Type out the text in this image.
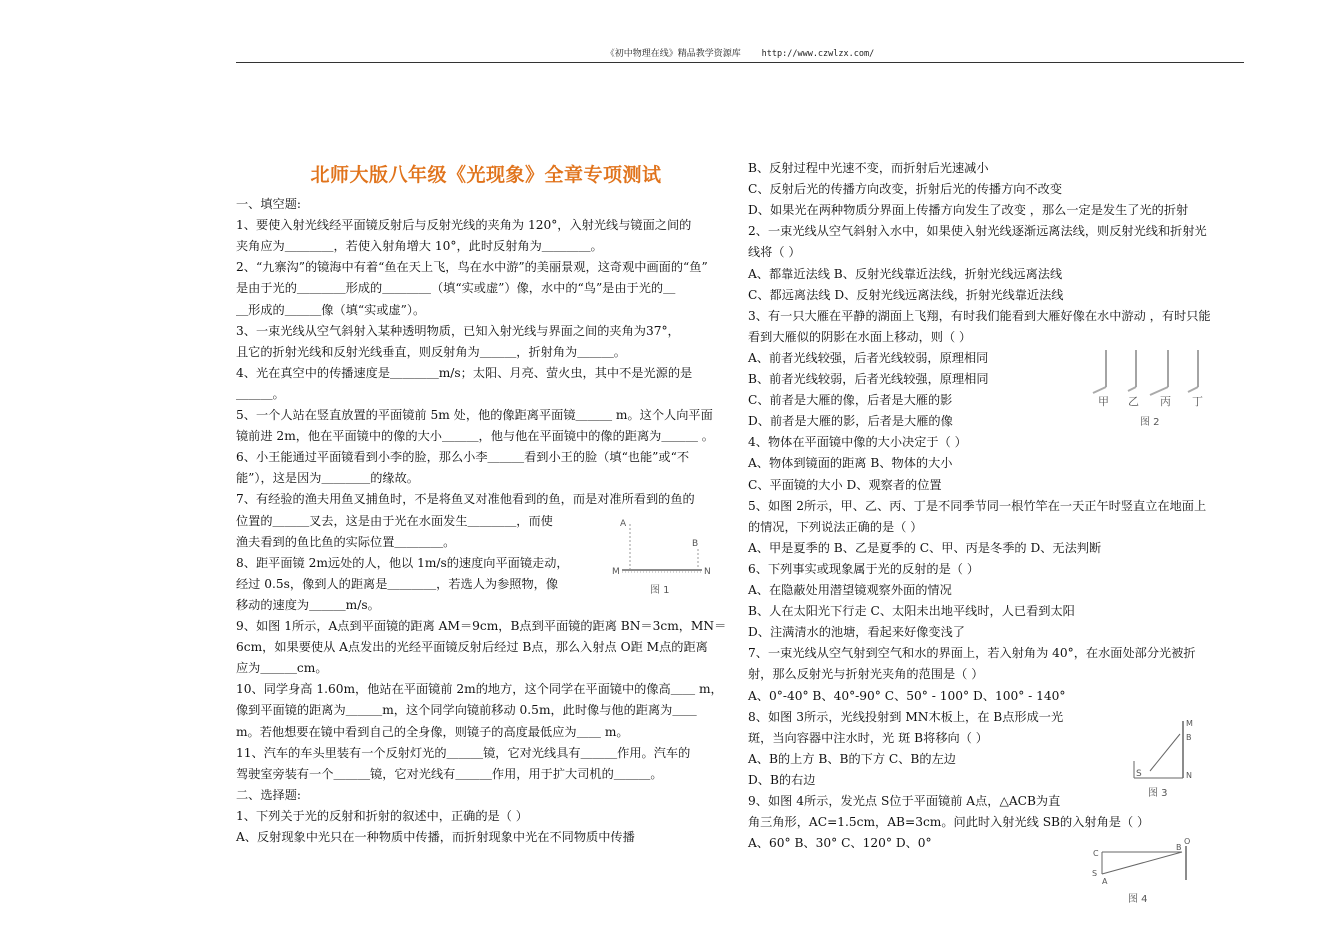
《初中物理在线》精品教学资源库 http://www.czwlzx.com/
北师大版八年级《光现象》全章专项测试
一、填空题:
1、要使入射光线经平面镜反射后与反射光线的夹角为 120°，入射光线与镜面之间的
夹角应为＿＿＿＿，若使入射角增大 10°，此时反射角为＿＿＿＿。
2、“九寨沟”的镜海中有着“鱼在天上飞，鸟在水中游”的美丽景观，这奇观中画面的“鱼”
是由于光的＿＿＿＿形成的＿＿＿＿（填“实或虚”）像，水中的“鸟”是由于光的＿
＿形成的＿＿＿像（填“实或虚”）。
3、一束光线从空气斜射入某种透明物质，已知入射光线与界面之间的夹角为37°，
且它的折射光线和反射光线垂直，则反射角为＿＿＿，折射角为＿＿＿。
4、光在真空中的传播速度是＿＿＿＿m/s；太阳、月亮、萤火虫，其中不是光源的是
＿＿＿。
5、一个人站在竖直放置的平面镜前 5m 处，他的像距离平面镜＿＿＿ m。这个人向平面
镜前进 2m，他在平面镜中的像的大小＿＿＿，他与他在平面镜中的像的距离为＿＿＿ 。
6、小王能通过平面镜看到小李的脸，那么小李＿＿＿看到小王的脸（填“也能”或“不
能”），这是因为＿＿＿＿的缘故。
7、有经验的渔夫用鱼叉捕鱼时，不是将鱼叉对准他看到的鱼，而是对准所看到的鱼的
位置的＿＿＿叉去，这是由于光在水面发生＿＿＿＿，而使
渔夫看到的鱼比鱼的实际位置＿＿＿＿。
8、距平面镜 2m远处的人，他以 1m/s的速度向平面镜走动，
经过 0.5s，像到人的距离是＿＿＿＿，若选人为参照物，像
移动的速度为＿＿＿m/s。
9、如图 1所示，A点到平面镜的距离 AM＝9cm，B点到平面镜的距离 BN＝3cm，MN＝
6cm，如果要使从 A点发出的光经平面镜反射后经过 B点，那么入射点 O距 M点的距离
应为＿＿＿cm。
10、同学身高 1.60m，他站在平面镜前 2m的地方，这个同学在平面镜中的像高＿＿ m，
像到平面镜的距离为＿＿＿m，这个同学向镜前移动 0.5m，此时像与他的距离为＿＿
m。若他想要在镜中看到自己的全身像，则镜子的高度最低应为＿＿ m。
11、汽车的车头里装有一个反射灯光的＿＿＿镜，它对光线具有＿＿＿作用。汽车的
驾驶室旁装有一个＿＿＿镜，它对光线有＿＿＿作用，用于扩大司机的＿＿＿。
二、选择题:
1、下列关于光的反射和折射的叙述中，正确的是（ ）
A、反射现象中光只在一种物质中传播，而折射现象中光在不同物质中传播
B、反射过程中光速不变，而折射后光速减小
C、反射后光的传播方向改变，折射后光的传播方向不改变
D、如果光在两种物质分界面上传播方向发生了改变 ，那么一定是发生了光的折射
2、一束光线从空气斜射入水中，如果使入射光线逐渐远离法线，则反射光线和折射光
线将（ ）
A、都靠近法线 B、反射光线靠近法线，折射光线远离法线
C、都远离法线 D、反射光线远离法线，折射光线靠近法线
3、有一只大雁在平静的湖面上飞翔，有时我们能看到大雁好像在水中游动 ，有时只能
看到大雁似的阴影在水面上移动，则（ ）
A、前者光线较强，后者光线较弱，原理相同
B、前者光线较弱，后者光线较强，原理相同
C、前者是大雁的像，后者是大雁的影
D、前者是大雁的影，后者是大雁的像
4、物体在平面镜中像的大小决定于（ ）
A、物体到镜面的距离 B、物体的大小
C、平面镜的大小 D、观察者的位置
5、如图 2所示，甲、乙、丙、丁是不同季节同一根竹竿在一天正午时竖直立在地面上
的情况，下列说法正确的是（ ）
A、甲是夏季的 B、乙是夏季的 C、甲、丙是冬季的 D、无法判断
6、下列事实或现象属于光的反射的是（ ）
A、在隐蔽处用潜望镜观察外面的情况
B、人在太阳光下行走 C、太阳未出地平线时，人已看到太阳
D、注满清水的池塘，看起来好像变浅了
7、一束光线从空气射到空气和水的界面上，若入射角为 40°，在水面处部分光被折
射，那么反射光与折射光夹角的范围是（ ）
A、0°-40° B、40°-90° C、50° - 100° D、100° - 140°
8、如图 3所示，光线投射到 MN木板上，在 B点形成一光
斑，当向容器中注水时，光 斑 B将移向（ ）
A、B的上方 B、B的下方 C、B的左边
D、B的右边
9、如图 4所示，发光点 S位于平面镜前 A点，△ACB为直
角三角形，AC=1.5cm，AB=3cm。问此时入射光线 SB的入射角是（ ）
A、60° B、30° C、120° D、0°
A
B
M	N
图 1
甲 乙 丙 丁
图 2
M
B
N
S
图 3
C
B
O
S
A
图 4
